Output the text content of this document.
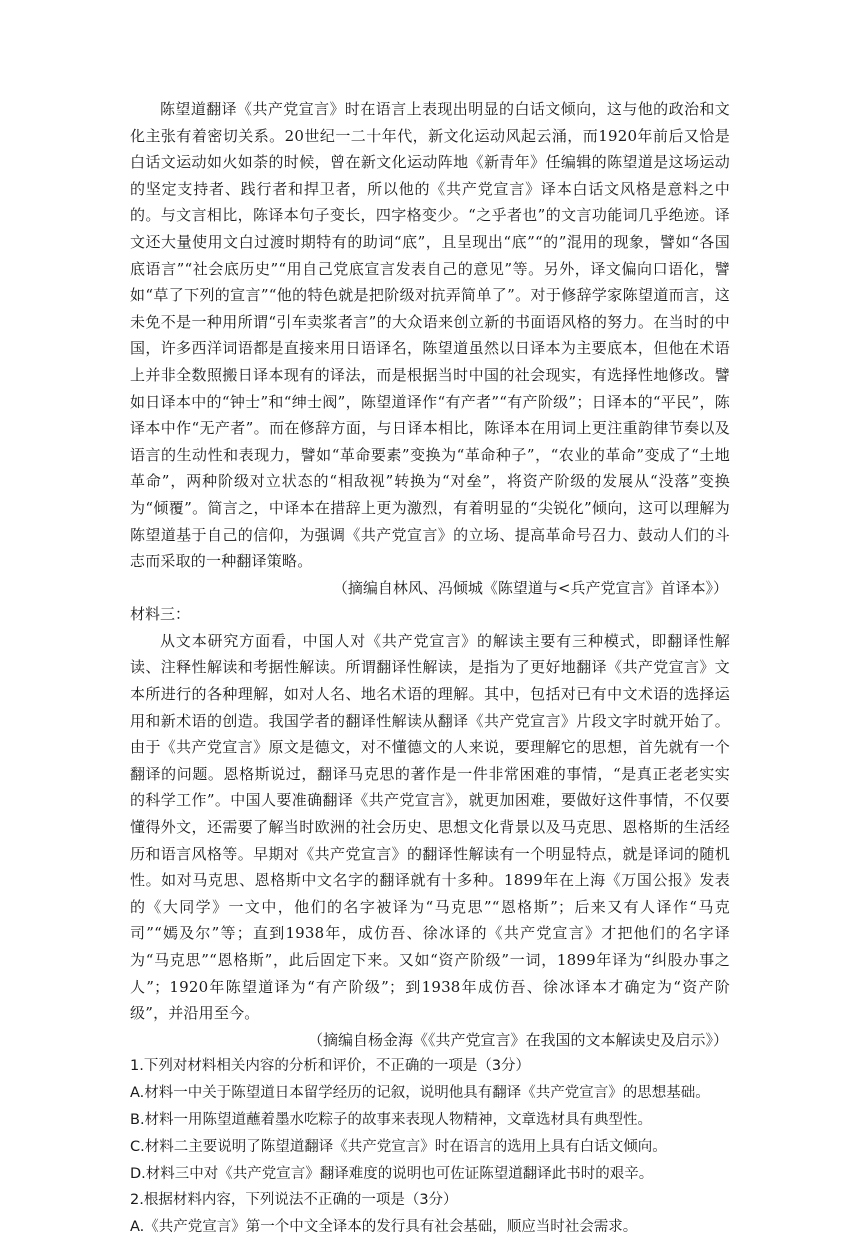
陈望道翻译《共产党宣言》时在语言上表现出明显的白话文倾向，这与他的政治和文化主张有着密切关系。20世纪一二十年代，新文化运动风起云涌，而1920年前后又恰是白话文运动如火如荼的时候，曾在新文化运动阵地《新青年》任编辑的陈望道是这场运动的坚定支持者、践行者和捍卫者，所以他的《共产党宣言》译本白话文风格是意料之中的。与文言相比，陈译本句子变长，四字格变少。“之乎者也”的文言功能词几乎绝迹。译文还大量使用文白过渡时期特有的助词“底”，且呈现出“底”“的”混用的现象，譬如“各国底语言”“社会底历史”“用自己党底宣言发表自己的意见”等。另外，译文偏向口语化，譬如“草了下列的宣言”“他的特色就是把阶级对抗弄简单了”。对于修辞学家陈望道而言，这未免不是一种用所谓“引车卖浆者言”的大众语来创立新的书面语风格的努力。在当时的中国，许多西洋词语都是直接来用日语译名，陈望道虽然以日译本为主要底本，但他在术语上并非全数照搬日译本现有的译法，而是根据当时中国的社会现实，有选择性地修改。譬如日译本中的“钟士”和“绅士阀”，陈望道译作“有产者”“有产阶级”；日译本的“平民”，陈译本中作“无产者”。而在修辞方面，与日译本相比，陈译本在用词上更注重韵律节奏以及语言的生动性和表现力，譬如“革命要素”变换为“革命种子”，“农业的革命”变成了“土地革命”，两种阶级对立状态的“相敌视”转换为“对垒”，将资产阶级的发展从“没落”变换为“倾覆”。简言之，中译本在措辞上更为激烈，有着明显的“尖锐化”倾向，这可以理解为陈望道基于自己的信仰，为强调《共产党宣言》的立场、提高革命号召力、鼓动人们的斗志而采取的一种翻译策略。

（摘编自林风、冯倾城《陈望道与<兵产党宣言》首译本》）

材料三：

从文本研究方面看，中国人对《共产党宣言》的解读主要有三种模式，即翻译性解读、注释性解读和考据性解读。所谓翻译性解读，是指为了更好地翻译《共产党宣言》文本所进行的各种理解，如对人名、地名术语的理解。其中，包括对已有中文术语的选择运用和新术语的创造。我国学者的翻译性解读从翻译《共产党宣言》片段文字时就开始了。由于《共产党宣言》原文是德文，对不懂德文的人来说，要理解它的思想，首先就有一个翻译的问题。恩格斯说过，翻译马克思的著作是一件非常困难的事情，“是真正老老实实的科学工作”。中国人要准确翻译《共产党宣言》，就更加困难，要做好这件事情，不仅要懂得外文，还需要了解当时欧洲的社会历史、思想文化背景以及马克思、恩格斯的生活经历和语言风格等。早期对《共产党宣言》的翻译性解读有一个明显特点，就是译词的随机性。如对马克思、恩格斯中文名字的翻译就有十多种。1899年在上海《万国公报》发表的《大同学》一文中，他们的名字被译为“马克思”“恩格斯”；后来又有人译作“马克司”“嫣及尔”等；直到1938年，成仿吾、徐冰译的《共产党宣言》才把他们的名字译为“马克思”“恩格斯”，此后固定下来。又如“资产阶级”一词，1899年译为“纠股办事之人”；1920年陈望道译为“有产阶级”；到1938年成仿吾、徐冰译本才确定为“资产阶级”，并沿用至今。

（摘编自杨金海《《共产党宣言》在我国的文本解读史及启示》）

1.下列对材料相关内容的分析和评价，不正确的一项是（3分）

A.材料一中关于陈望道日本留学经历的记叙，说明他具有翻译《共产党宣言》的思想基础。

B.材料一用陈望道蘸着墨水吃粽子的故事来表现人物精神，文章选材具有典型性。

C.材料二主要说明了陈望道翻译《共产党宣言》时在语言的选用上具有白话文倾向。

D.材料三中对《共产党宣言》翻译难度的说明也可佐证陈望道翻译此书时的艰辛。

2.根据材料内容，下列说法不正确的一项是（3分）

A.《共产党宣言》第一个中文全译本的发行具有社会基础，顺应当时社会需求。
